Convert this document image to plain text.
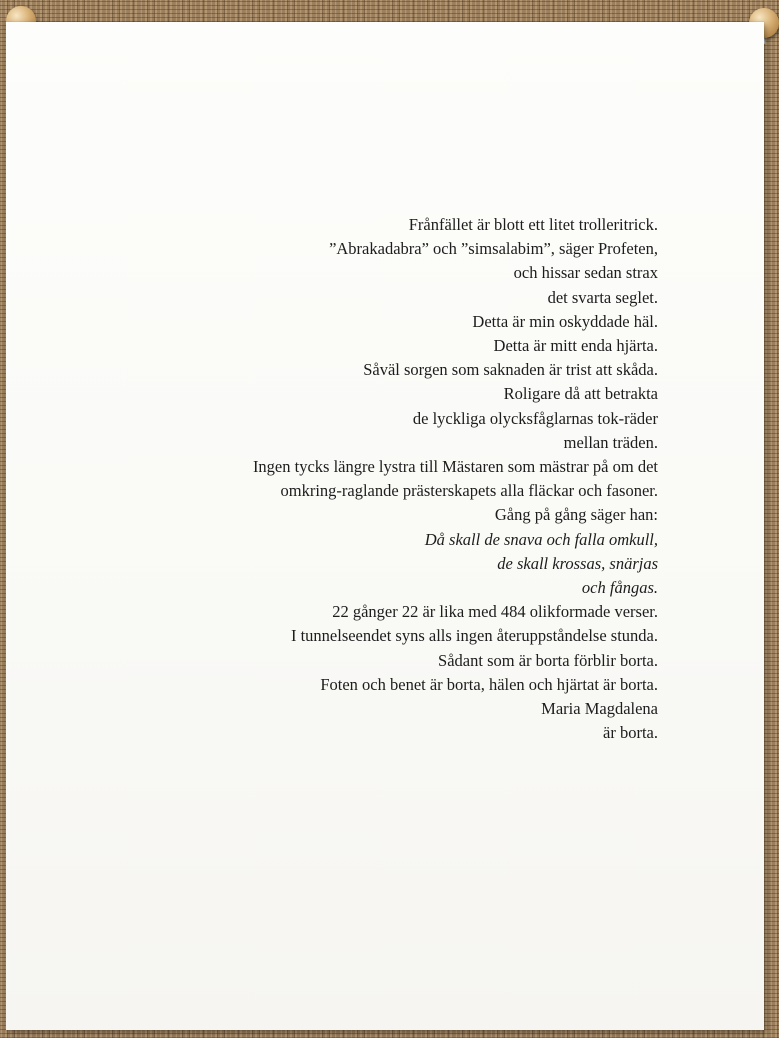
Frånfället är blott ett litet trolleritrick.
”Abrakadabra” och ”simsalabim”, säger Profeten,
och hissar sedan strax
det svarta seglet.
Detta är min oskyddade häl.
Detta är mitt enda hjärta.
Såväl sorgen som saknaden är trist att skåda.
Roligare då att betrakta
de lyckliga olycksfåglarnas tok-räder
mellan träden.
Ingen tycks längre lystra till Mästaren som mästrar på om det
omkring-raglande prästerskapets alla fläckar och fasoner.
Gång på gång säger han:
Då skall de snava och falla omkull,
de skall krossas, snärjas
och fångas.
22 gånger 22 är lika med 484 olikformade verser.
I tunnelseendet syns alls ingen återuppståndelse stunda.
Sådant som är borta förblir borta.
Foten och benet är borta, hälen och hjärtat är borta.
Maria Magdalena
är borta.
